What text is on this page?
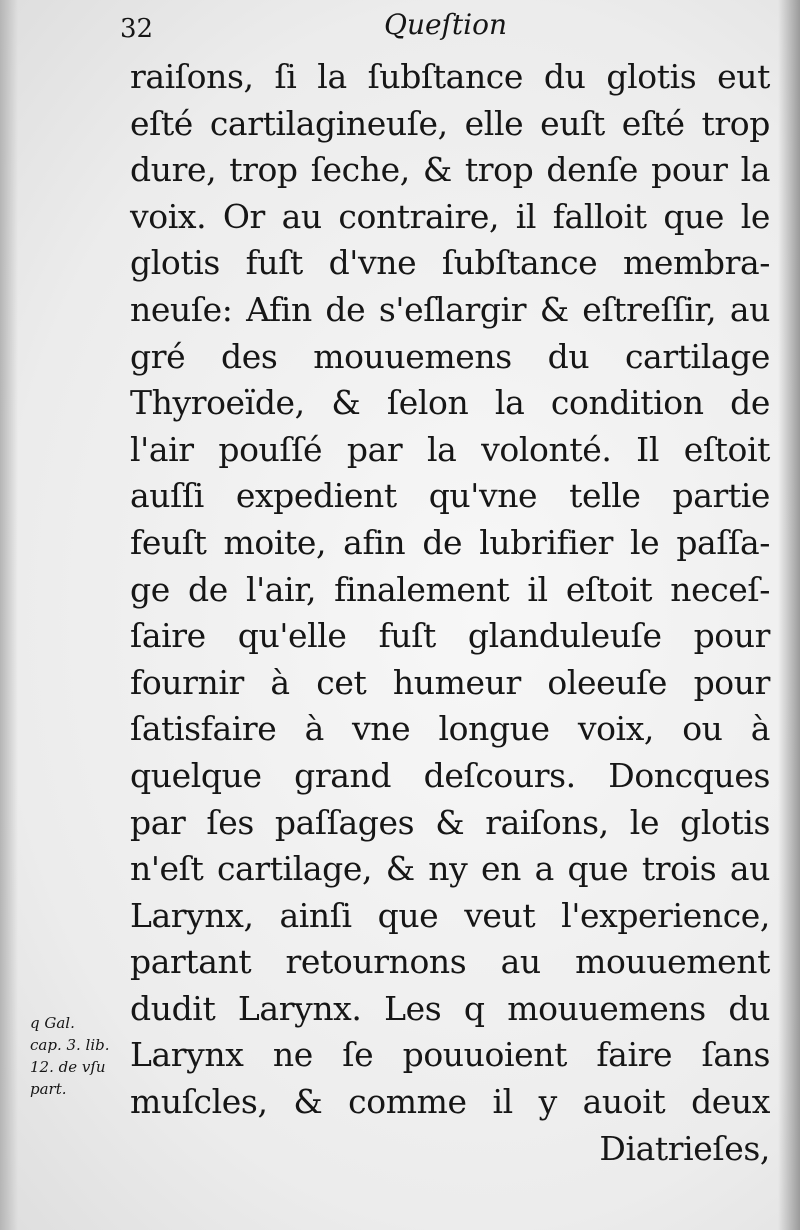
32	Queſtion
raiſons, ſi la ſubſtance du glotis eut
eſté cartilagineuſe, elle euſt eſté trop
dure, trop ſeche, & trop denſe pour la
voix. Or au contraire, il falloit que le
glotis fuſt d'vne ſubſtance membra-
neuſe: Afin de s'eſlargir & eſtreſſir, au
gré des mouuemens du cartilage
Thyroeïde, & ſelon la condition de
l'air pouſſé par la volonté. Il eſtoit
auſſi expedient qu'vne telle partie
feuſt moite, afin de lubrifier le paſſa-
ge de l'air, finalement il eſtoit neceſ-
ſaire qu'elle fuſt glanduleuſe pour
fournir à cet humeur oleeuſe pour
ſatisfaire à vne longue voix, ou à
quelque grand deſcours. Doncques
par ſes paſſages & raiſons, le glotis
n'eſt cartilage, & ny en a que trois au
Larynx, ainſi que veut l'experience,
partant retournons au mouuement
dudit Larynx. Les q mouuemens du
Larynx ne ſe pouuoient faire ſans
muſcles, & comme il y auoit deux
Diatrieſes,
q Gal.
cap. 3. lib.
12. de vſu
part.
